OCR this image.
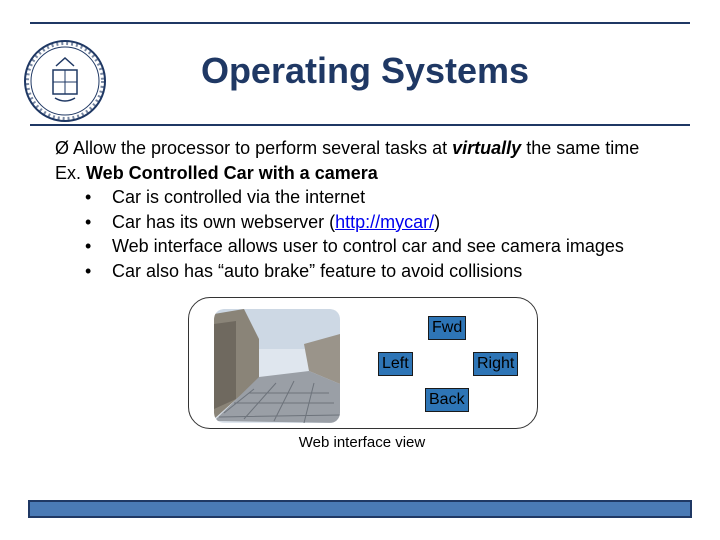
Operating Systems
Ø Allow the processor to perform several tasks at virtually the same time
Ex. Web Controlled Car with a camera
• Car is controlled via the internet
• Car has its own webserver (http://mycar/)
• Web interface allows user to control car and see camera images
• Car also has “auto brake” feature to avoid collisions
Fwd
Left	Right
Back
Web interface view
